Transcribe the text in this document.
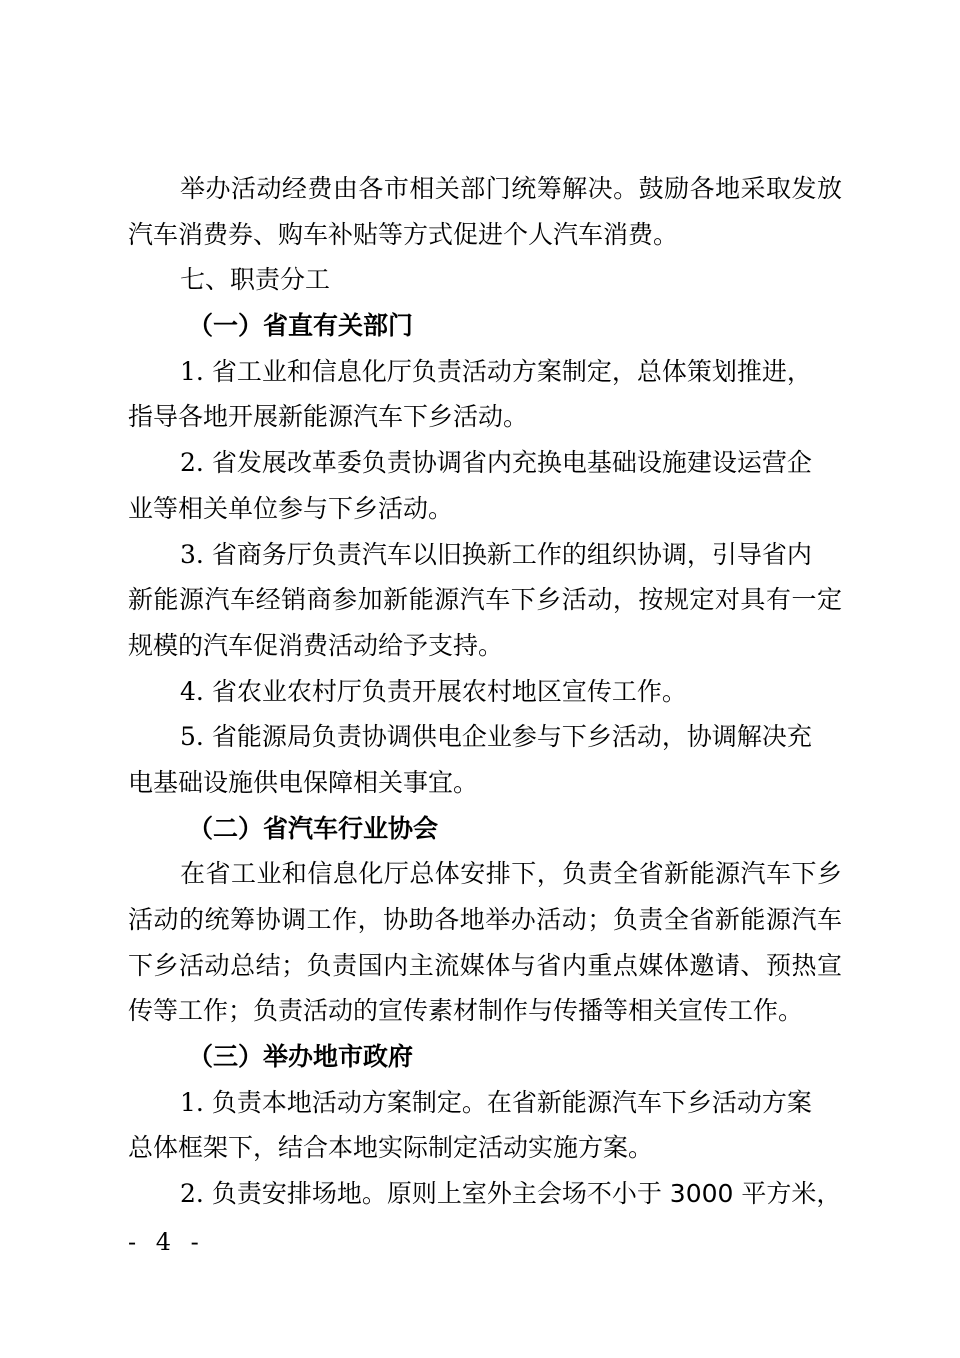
举办活动经费由各市相关部门统筹解决。鼓励各地采取发放
汽车消费券、购车补贴等方式促进个人汽车消费。
七、职责分工
（一）省直有关部门
1. 省工业和信息化厅负责活动方案制定，总体策划推进，
指导各地开展新能源汽车下乡活动。
2. 省发展改革委负责协调省内充换电基础设施建设运营企
业等相关单位参与下乡活动。
3. 省商务厅负责汽车以旧换新工作的组织协调，引导省内
新能源汽车经销商参加新能源汽车下乡活动，按规定对具有一定
规模的汽车促消费活动给予支持。
4. 省农业农村厅负责开展农村地区宣传工作。
5. 省能源局负责协调供电企业参与下乡活动，协调解决充
电基础设施供电保障相关事宜。
（二）省汽车行业协会
在省工业和信息化厅总体安排下，负责全省新能源汽车下乡
活动的统筹协调工作，协助各地举办活动；负责全省新能源汽车
下乡活动总结；负责国内主流媒体与省内重点媒体邀请、预热宣
传等工作；负责活动的宣传素材制作与传播等相关宣传工作。
（三）举办地市政府
1. 负责本地活动方案制定。在省新能源汽车下乡活动方案
总体框架下，结合本地实际制定活动实施方案。
2. 负责安排场地。原则上室外主会场不小于 3000 平方米，
- 4 -
